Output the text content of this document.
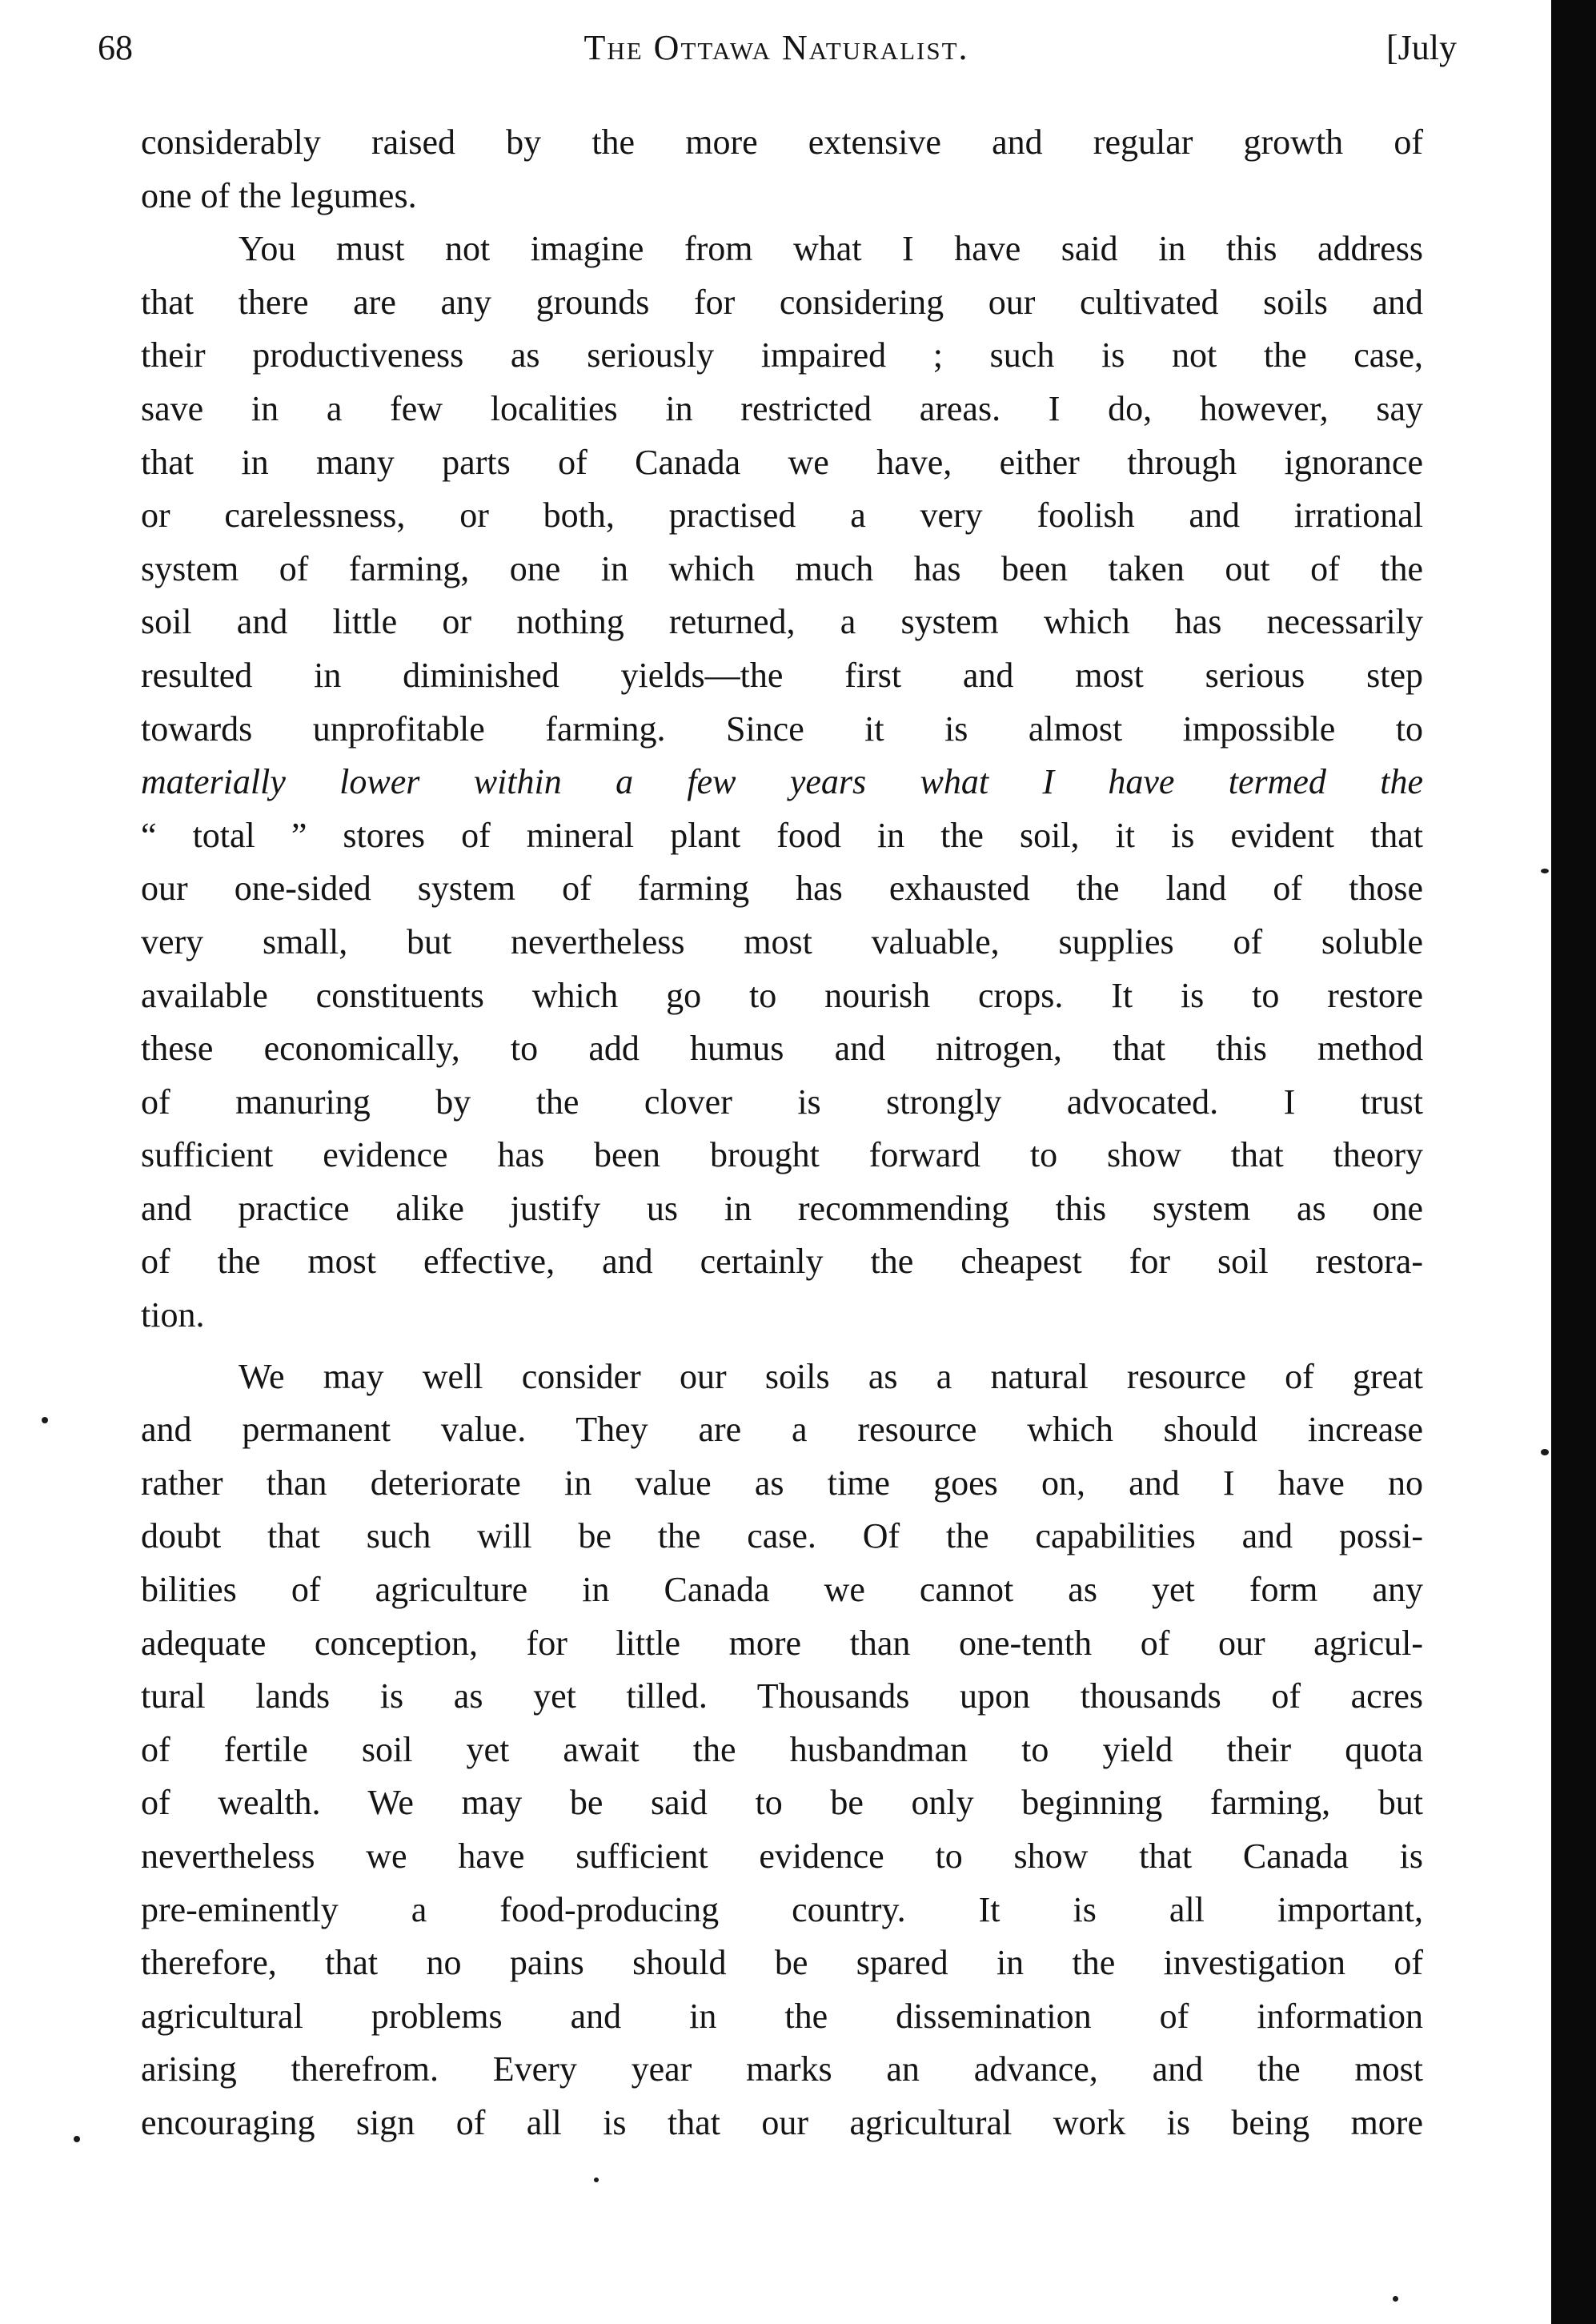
68	The Ottawa Naturalist.	[July
considerably raised by the more extensive and regular growth of
one of the legumes.
You must not imagine from what I have said in this address
that there are any grounds for considering our cultivated soils and
their productiveness as seriously impaired ; such is not the case,
save in a few localities in restricted areas. I do, however, say
that in many parts of Canada we have, either through ignorance
or carelessness, or both, practised a very foolish and irrational
system of farming, one in which much has been taken out of the
soil and little or nothing returned, a system which has necessarily
resulted in diminished yields—the first and most serious step
towards unprofitable farming. Since it is almost impossible to
materially lower within a few years what I have termed the
“ total ” stores of mineral plant food in the soil, it is evident that
our one-sided system of farming has exhausted the land of those
very small, but nevertheless most valuable, supplies of soluble
available constituents which go to nourish crops. It is to restore
these economically, to add humus and nitrogen, that this method
of manuring by the clover is strongly advocated. I trust
sufficient evidence has been brought forward to show that theory
and practice alike justify us in recommending this system as one
of the most effective, and certainly the cheapest for soil restora-
tion.
We may well consider our soils as a natural resource of great
and permanent value. They are a resource which should increase
rather than deteriorate in value as time goes on, and I have no
doubt that such will be the case. Of the capabilities and possi-
bilities of agriculture in Canada we cannot as yet form any
adequate conception, for little more than one-tenth of our agricul-
tural lands is as yet tilled. Thousands upon thousands of acres
of fertile soil yet await the husbandman to yield their quota
of wealth. We may be said to be only beginning farming, but
nevertheless we have sufficient evidence to show that Canada is
pre-eminently a food-producing country. It is all important,
therefore, that no pains should be spared in the investigation of
agricultural problems and in the dissemination of information
arising therefrom. Every year marks an advance, and the most
encouraging sign of all is that our agricultural work is being more
